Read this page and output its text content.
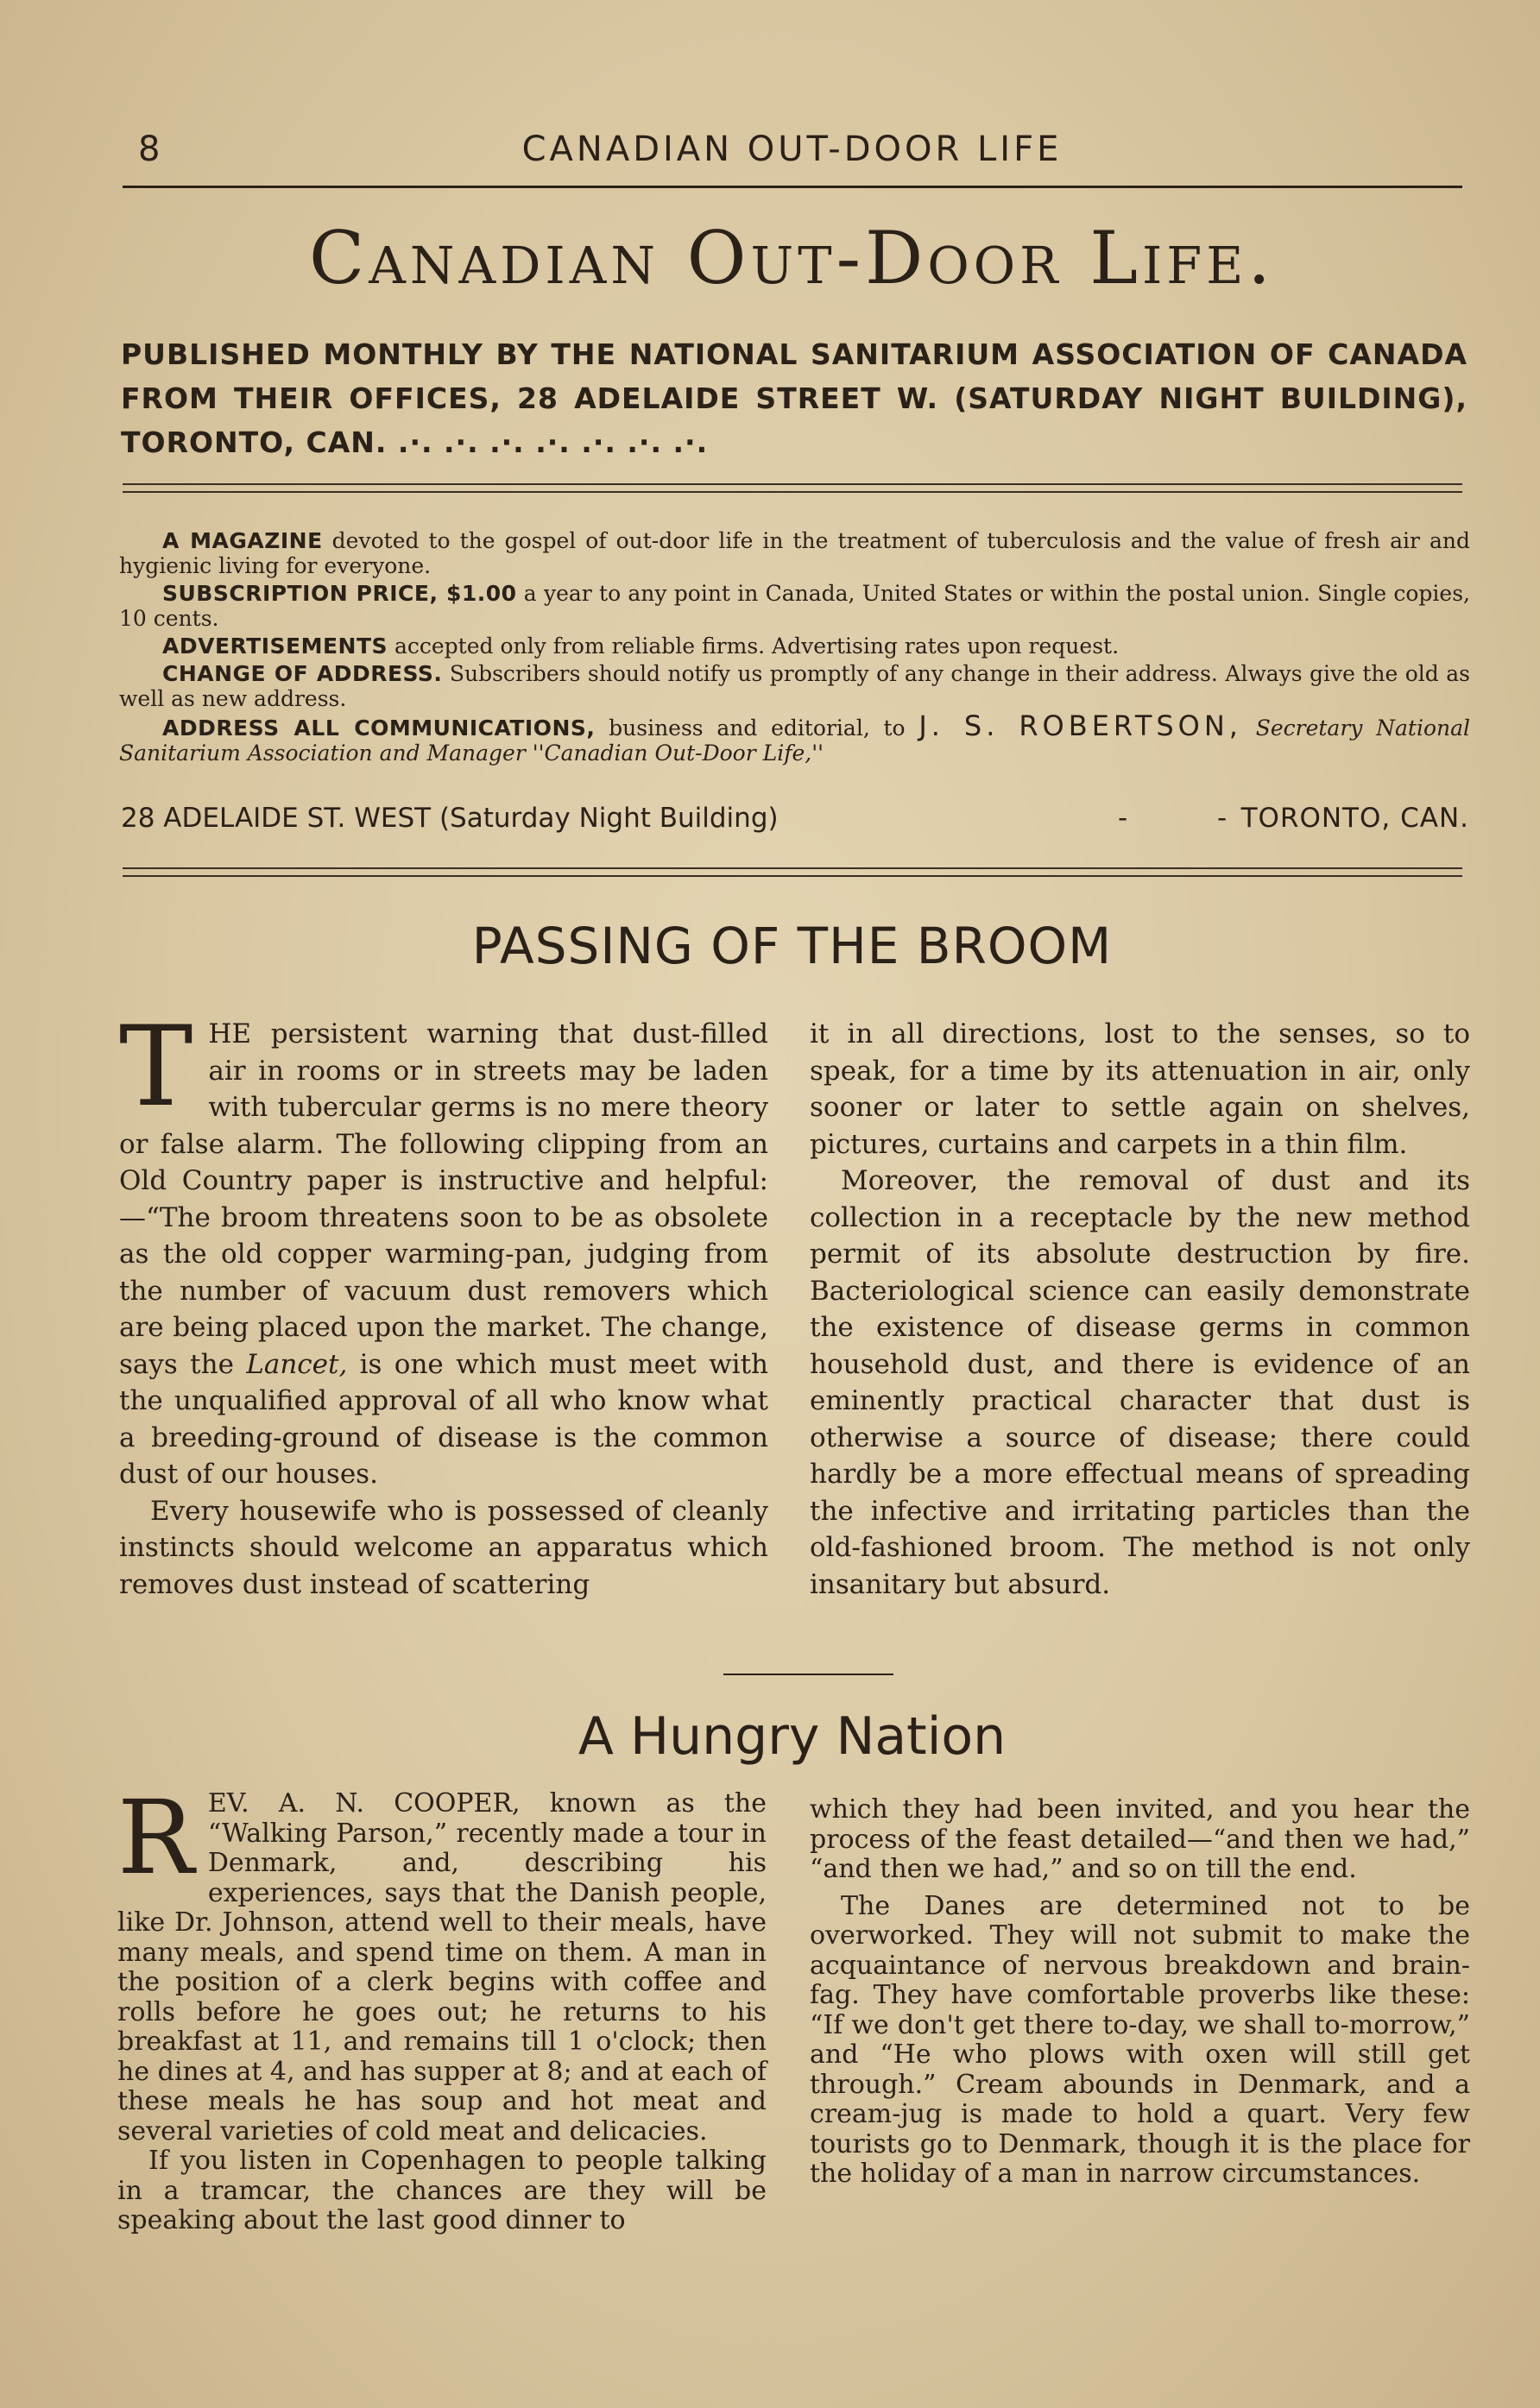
8	CANADIAN OUT-DOOR LIFE
Canadian Out-Door Life.
PUBLISHED MONTHLY BY THE NATIONAL SANITARIUM ASSOCIATION OF CANADA FROM THEIR OFFICES, 28 ADELAIDE STREET W. (SATURDAY NIGHT BUILDING), TORONTO, CAN. .·. .·. .·. .·. .·. .·. .·.

A MAGAZINE devoted to the gospel of out-door life in the treatment of tuberculosis and the value of fresh air and hygienic living for everyone.

SUBSCRIPTION PRICE, $1.00 a year to any point in Canada, United States or within the postal union. Single copies, 10 cents.

ADVERTISEMENTS accepted only from reliable firms. Advertising rates upon request.

CHANGE OF ADDRESS. Subscribers should notify us promptly of any change in their address. Always give the old as well as new address.

ADDRESS ALL COMMUNICATIONS, business and editorial, to J. S. ROBERTSON, Secretary National Sanitarium Association and Manager ''Canadian Out-Door Life,''

28 ADELAIDE ST. WEST (Saturday Night Building)	-	- TORONTO, CAN.
PASSING OF THE BROOM

THE persistent warning that dust-filled air in rooms or in streets may be laden with tubercular germs is no mere theory or false alarm. The following clipping from an Old Country paper is instructive and helpful:—“The broom threatens soon to be as obsolete as the old copper warming-pan, judging from the number of vacuum dust removers which are being placed upon the market. The change, says the Lancet, is one which must meet with the unqualified approval of all who know what a breeding-ground of disease is the common dust of our houses.

Every housewife who is possessed of cleanly instincts should welcome an apparatus which removes dust instead of scattering

it in all directions, lost to the senses, so to speak, for a time by its attenuation in air, only sooner or later to settle again on shelves, pictures, curtains and carpets in a thin film.

Moreover, the removal of dust and its collection in a receptacle by the new method permit of its absolute destruction by fire. Bacteriological science can easily demonstrate the existence of disease germs in common household dust, and there is evidence of an eminently practical character that dust is otherwise a source of disease; there could hardly be a more effectual means of spreading the infective and irritating particles than the old-fashioned broom. The method is not only insanitary but absurd.

A Hungry Nation

REV. A. N. COOPER, known as the “Walking Parson,” recently made a tour in Denmark, and, describing his experiences, says that the Danish people, like Dr. Johnson, attend well to their meals, have many meals, and spend time on them. A man in the position of a clerk begins with coffee and rolls before he goes out; he returns to his breakfast at 11, and remains till 1 o'clock; then he dines at 4, and has supper at 8; and at each of these meals he has soup and hot meat and several varieties of cold meat and delicacies.

If you listen in Copenhagen to people talking in a tramcar, the chances are they will be speaking about the last good dinner to

which they had been invited, and you hear the process of the feast detailed—“and then we had,” “and then we had,” and so on till the end.

The Danes are determined not to be overworked. They will not submit to make the acquaintance of nervous breakdown and brain-fag. They have comfortable proverbs like these: “If we don't get there to-day, we shall to-morrow,” and “He who plows with oxen will still get through.” Cream abounds in Denmark, and a cream-jug is made to hold a quart. Very few tourists go to Denmark, though it is the place for the holiday of a man in narrow circumstances.
